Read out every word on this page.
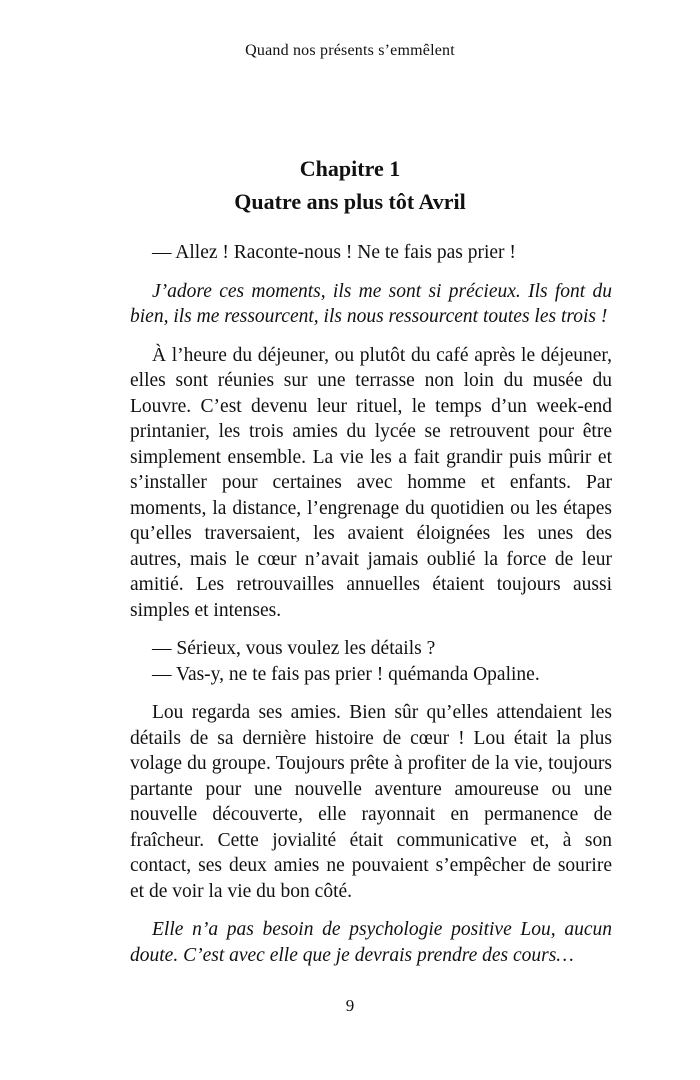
Quand nos présents s’emmêlent
Chapitre 1
Quatre ans plus tôt Avril

— Allez ! Raconte-nous ! Ne te fais pas prier !

J’adore ces moments, ils me sont si précieux. Ils font du bien, ils me ressourcent, ils nous ressourcent toutes les trois !

À l’heure du déjeuner, ou plutôt du café après le déjeuner, elles sont réunies sur une terrasse non loin du musée du Louvre. C’est devenu leur rituel, le temps d’un week-end printanier, les trois amies du lycée se retrouvent pour être simplement ensemble. La vie les a fait grandir puis mûrir et s’installer pour certaines avec homme et enfants. Par moments, la distance, l’engrenage du quotidien ou les étapes qu’elles traversaient, les avaient éloignées les unes des autres, mais le cœur n’avait jamais oublié la force de leur amitié. Les retrouvailles annuelles étaient toujours aussi simples et intenses.

— Sérieux, vous voulez les détails ?

— Vas-y, ne te fais pas prier ! quémanda Opaline.

Lou regarda ses amies. Bien sûr qu’elles attendaient les détails de sa dernière histoire de cœur ! Lou était la plus volage du groupe. Toujours prête à profiter de la vie, toujours partante pour une nouvelle aventure amoureuse ou une nouvelle découverte, elle rayonnait en permanence de fraîcheur. Cette jovialité était communicative et, à son contact, ses deux amies ne pouvaient s’empêcher de sourire et de voir la vie du bon côté.

Elle n’a pas besoin de psychologie positive Lou, aucun doute. C’est avec elle que je devrais prendre des cours…

9
